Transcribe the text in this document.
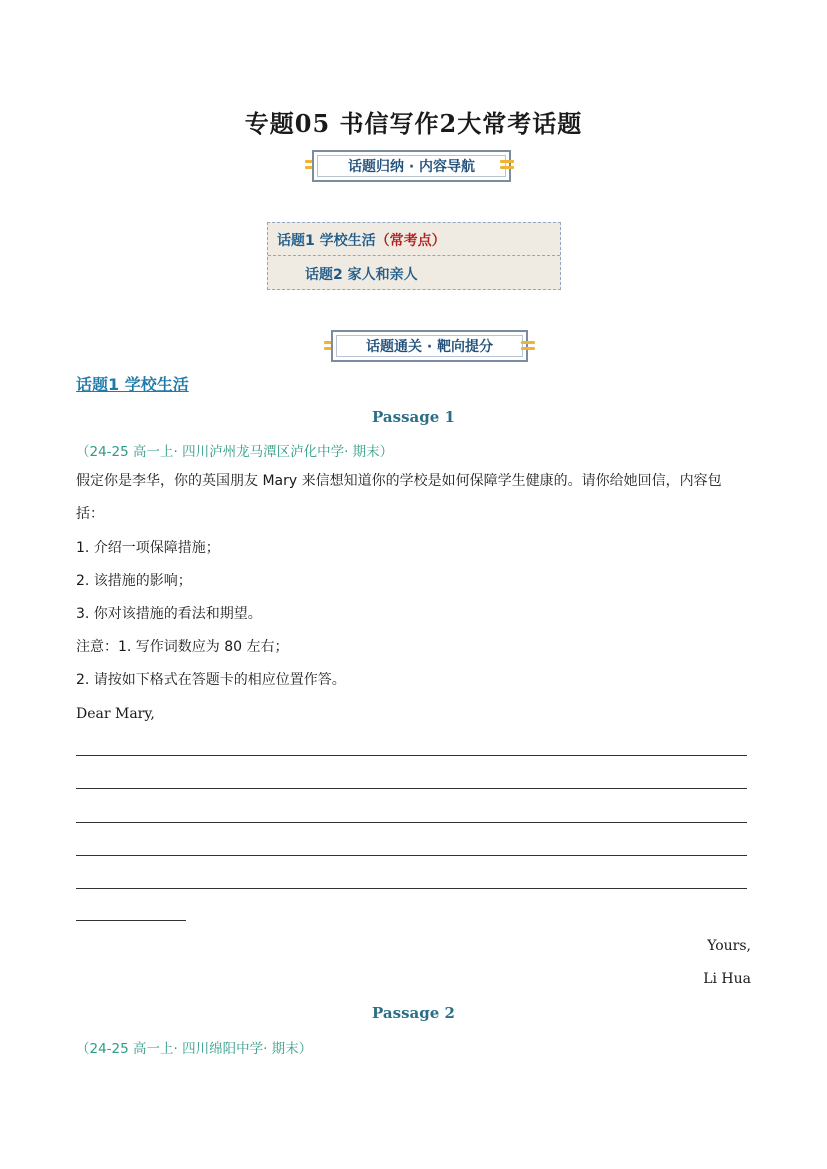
专题05 书信写作2大常考话题
话题归纳 · 内容导航
话题1 学校生活（常考点）
话题2 家人和亲人
话题通关 · 靶向提分
话题1 学校生活
Passage 1
（24-25 高一上· 四川泸州龙马潭区泸化中学· 期末）
假定你是李华，你的英国朋友 Mary 来信想知道你的学校是如何保障学生健康的。请你给她回信，内容包括：
1. 介绍一项保障措施；
2. 该措施的影响；
3. 你对该措施的看法和期望。
注意：1. 写作词数应为 80 左右；
2. 请按如下格式在答题卡的相应位置作答。
Dear Mary,
Yours,
Li Hua
Passage 2
（24-25 高一上· 四川绵阳中学· 期末）
